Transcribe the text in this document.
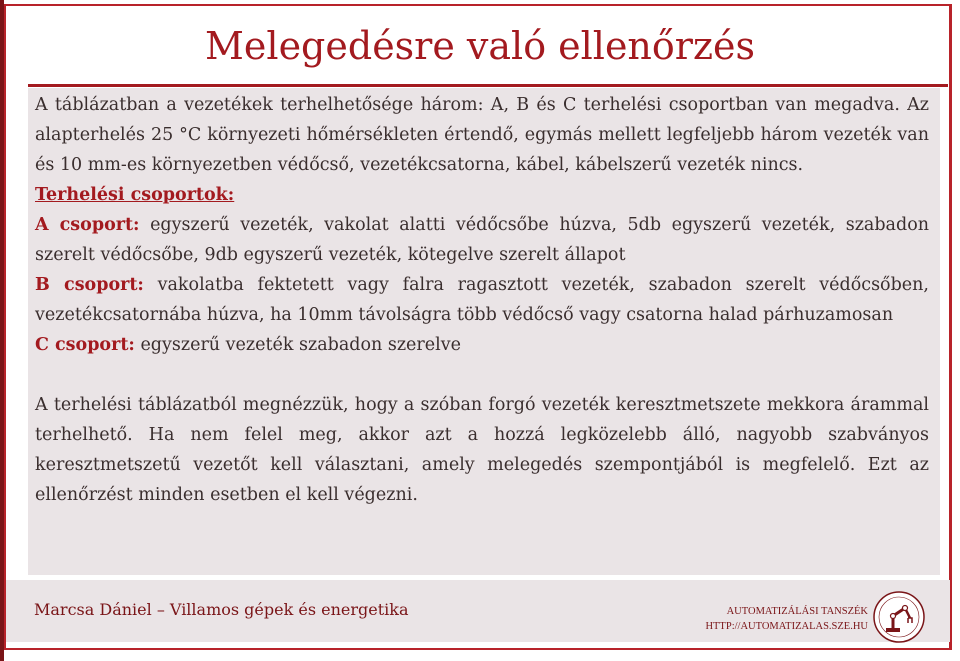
Melegedésre való ellenőrzés

A táblázatban a vezetékek terhelhetősége három: A, B és C terhelési csoportban van megadva. Az alapterhelés 25 °C környezeti hőmérsékleten értendő, egymás mellett legfeljebb három vezeték van és 10 mm-es környezetben védőcső, vezetékcsatorna, kábel, kábelszerű vezeték nincs.

Terhelési csoportok:

A csoport: egyszerű vezeték, vakolat alatti védőcsőbe húzva, 5db egyszerű vezeték, szabadon szerelt védőcsőbe, 9db egyszerű vezeték, kötegelve szerelt állapot

B csoport: vakolatba fektetett vagy falra ragasztott vezeték, szabadon szerelt védőcsőben, vezetékcsatornába húzva, ha 10mm távolságra több védőcső vagy csatorna halad párhuzamosan

C csoport: egyszerű vezeték szabadon szerelve

A terhelési táblázatból megnézzük, hogy a szóban forgó vezeték keresztmetszete mekkora árammal terhelhető. Ha nem felel meg, akkor azt a hozzá legközelebb álló, nagyobb szabványos keresztmetszetű vezetőt kell választani, amely melegedés szempontjából is megfelelő. Ezt az ellenőrzést minden esetben el kell végezni.

Marcsa Dániel – Villamos gépek és energetika	AUTOMATIZÁLÁSI TANSZÉK
HTTP://AUTOMATIZALAS.SZE.HU
